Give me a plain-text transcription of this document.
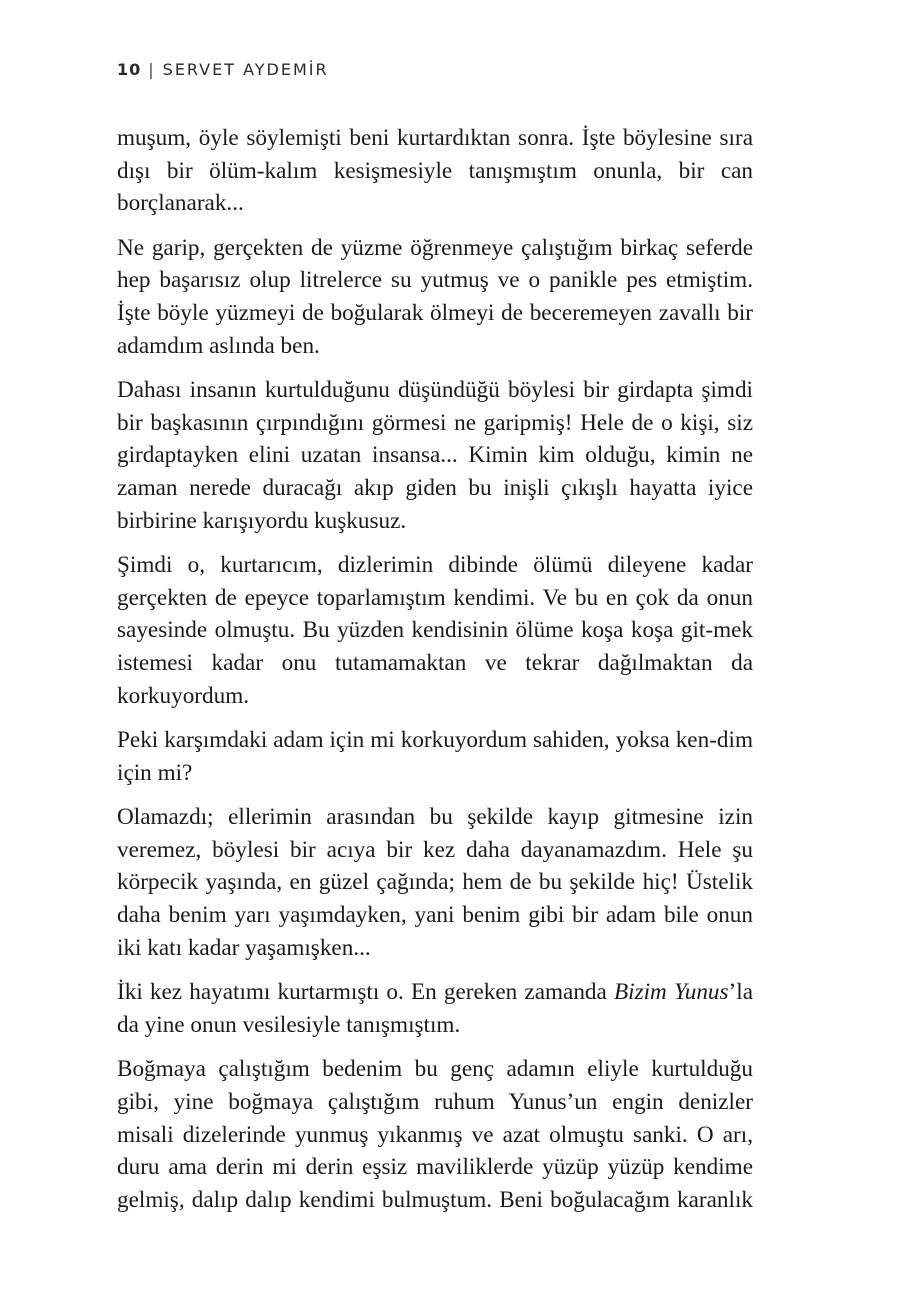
10 | SERVET AYDEMİR

muşum, öyle söylemişti beni kurtardıktan sonra. İşte böylesine sıra dışı bir ölüm-kalım kesişmesiyle tanışmıştım onunla, bir can borçlanarak...

Ne garip, gerçekten de yüzme öğrenmeye çalıştığım birkaç seferde hep başarısız olup litrelerce su yutmuş ve o panikle pes etmiştim. İşte böyle yüzmeyi de boğularak ölmeyi de beceremeyen zavallı bir adamdım aslında ben.

Dahası insanın kurtulduğunu düşündüğü böylesi bir girdapta şimdi bir başkasının çırpındığını görmesi ne garipmiş! Hele de o kişi, siz girdaptayken elini uzatan insansa... Kimin kim olduğu, kimin ne zaman nerede duracağı akıp giden bu inişli çıkışlı hayatta iyice birbirine karışıyordu kuşkusuz.

Şimdi o, kurtarıcım, dizlerimin dibinde ölümü dileyene kadar gerçekten de epeyce toparlamıştım kendimi. Ve bu en çok da onun sayesinde olmuştu. Bu yüzden kendisinin ölüme koşa koşa git-mek istemesi kadar onu tutamamaktan ve tekrar dağılmaktan da korkuyordum.

Peki karşımdaki adam için mi korkuyordum sahiden, yoksa ken-dim için mi?

Olamazdı; ellerimin arasından bu şekilde kayıp gitmesine izin veremez, böylesi bir acıya bir kez daha dayanamazdım. Hele şu körpecik yaşında, en güzel çağında; hem de bu şekilde hiç! Üstelik daha benim yarı yaşımdayken, yani benim gibi bir adam bile onun iki katı kadar yaşamışken...

İki kez hayatımı kurtarmıştı o. En gereken zamanda Bizim Yunus’la da yine onun vesilesiyle tanışmıştım.

Boğmaya çalıştığım bedenim bu genç adamın eliyle kurtulduğu gibi, yine boğmaya çalıştığım ruhum Yunus’un engin denizler misali dizelerinde yunmuş yıkanmış ve azat olmuştu sanki. O arı, duru ama derin mi derin eşsiz maviliklerde yüzüp yüzüp kendime gelmiş, dalıp dalıp kendimi bulmuştum. Beni boğulacağım karanlık
